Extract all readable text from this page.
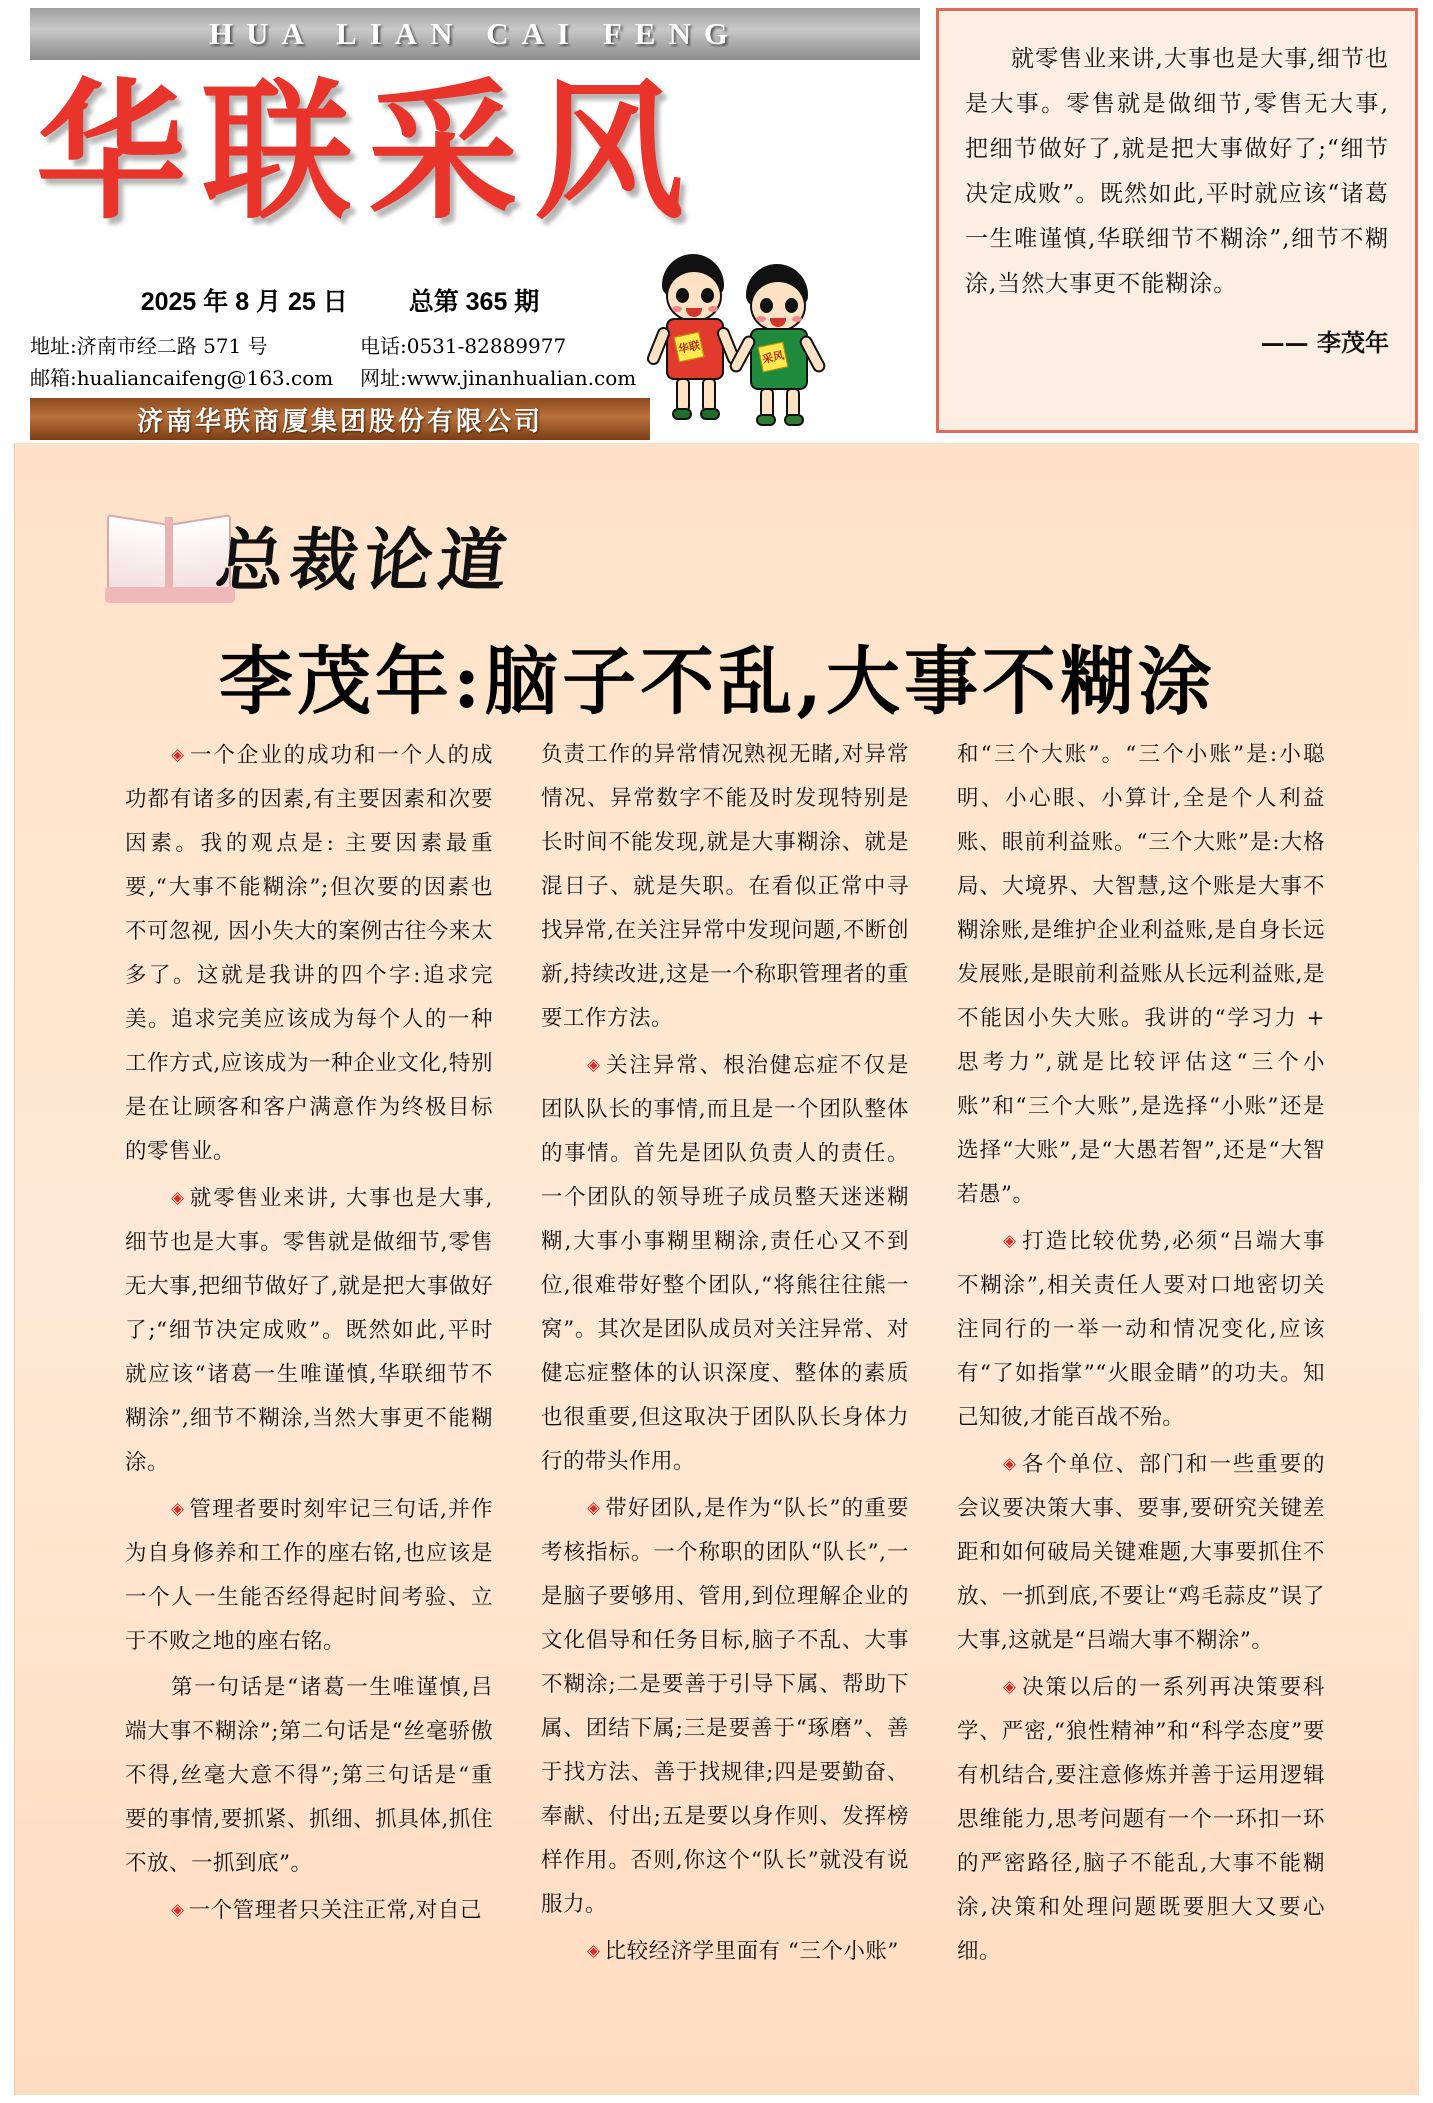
HUA LIAN CAI FENG
华联采风
2025 年 8 月 25 日 总第 365 期
地址:济南市经二路 571 号	电话:0531-82889977
邮箱:hualiancaifeng@163.com	网址:www.jinanhualian.com
济南华联商厦集团股份有限公司
华联
采风
就零售业来讲,大事也是大事,细节也是大事。零售就是做细节,零售无大事,把细节做好了,就是把大事做好了;“细节决定成败”。既然如此,平时就应该“诸葛一生唯谨慎,华联细节不糊涂”,细节不糊涂,当然大事更不能糊涂。
—— 李茂年
总裁论道
李茂年:脑子不乱,大事不糊涂

◈ 一个企业的成功和一个人的成功都有诸多的因素,有主要因素和次要因素。我的观点是: 主要因素最重要,“大事不能糊涂”;但次要的因素也不可忽视, 因小失大的案例古往今来太多了。这就是我讲的四个字:追求完美。追求完美应该成为每个人的一种工作方式,应该成为一种企业文化,特别是在让顾客和客户满意作为终极目标的零售业。

◈ 就零售业来讲, 大事也是大事, 细节也是大事。零售就是做细节,零售无大事,把细节做好了,就是把大事做好了;“细节决定成败”。既然如此,平时就应该“诸葛一生唯谨慎,华联细节不糊涂”,细节不糊涂,当然大事更不能糊涂。

◈ 管理者要时刻牢记三句话,并作为自身修养和工作的座右铭,也应该是一个人一生能否经得起时间考验、立于不败之地的座右铭。

第一句话是“诸葛一生唯谨慎,吕端大事不糊涂”;第二句话是“丝毫骄傲不得,丝毫大意不得”;第三句话是“重要的事情,要抓紧、抓细、抓具体,抓住不放、一抓到底”。

◈ 一个管理者只关注正常,对自己

负责工作的异常情况熟视无睹,对异常情况、异常数字不能及时发现特别是长时间不能发现,就是大事糊涂、就是混日子、就是失职。在看似正常中寻找异常,在关注异常中发现问题,不断创新,持续改进,这是一个称职管理者的重要工作方法。

◈ 关注异常、根治健忘症不仅是团队队长的事情,而且是一个团队整体的事情。首先是团队负责人的责任。一个团队的领导班子成员整天迷迷糊糊,大事小事糊里糊涂,责任心又不到位,很难带好整个团队,“将熊往往熊一窝”。其次是团队成员对关注异常、对健忘症整体的认识深度、整体的素质也很重要,但这取决于团队队长身体力行的带头作用。

◈ 带好团队,是作为“队长”的重要考核指标。一个称职的团队“队长”,一是脑子要够用、管用,到位理解企业的文化倡导和任务目标,脑子不乱、大事不糊涂;二是要善于引导下属、帮助下属、团结下属;三是要善于“琢磨”、善于找方法、善于找规律;四是要勤奋、奉献、付出;五是要以身作则、发挥榜样作用。否则,你这个“队长”就没有说服力。

◈ 比较经济学里面有 “三个小账”

和“三个大账”。“三个小账”是:小聪明、小心眼、小算计,全是个人利益账、眼前利益账。“三个大账”是:大格局、大境界、大智慧,这个账是大事不糊涂账,是维护企业利益账,是自身长远发展账,是眼前利益账从长远利益账,是不能因小失大账。我讲的“学习力 + 思考力”,就是比较评估这“三个小账”和“三个大账”,是选择“小账”还是选择“大账”,是“大愚若智”,还是“大智若愚”。

◈ 打造比较优势,必须“吕端大事不糊涂”,相关责任人要对口地密切关注同行的一举一动和情况变化,应该有“了如指掌”“火眼金睛”的功夫。知己知彼,才能百战不殆。

◈ 各个单位、部门和一些重要的会议要决策大事、要事,要研究关键差距和如何破局关键难题,大事要抓住不放、一抓到底,不要让“鸡毛蒜皮”误了大事,这就是“吕端大事不糊涂”。

◈ 决策以后的一系列再决策要科学、严密,“狼性精神”和“科学态度”要有机结合,要注意修炼并善于运用逻辑思维能力,思考问题有一个一环扣一环的严密路径,脑子不能乱,大事不能糊涂,决策和处理问题既要胆大又要心细。
